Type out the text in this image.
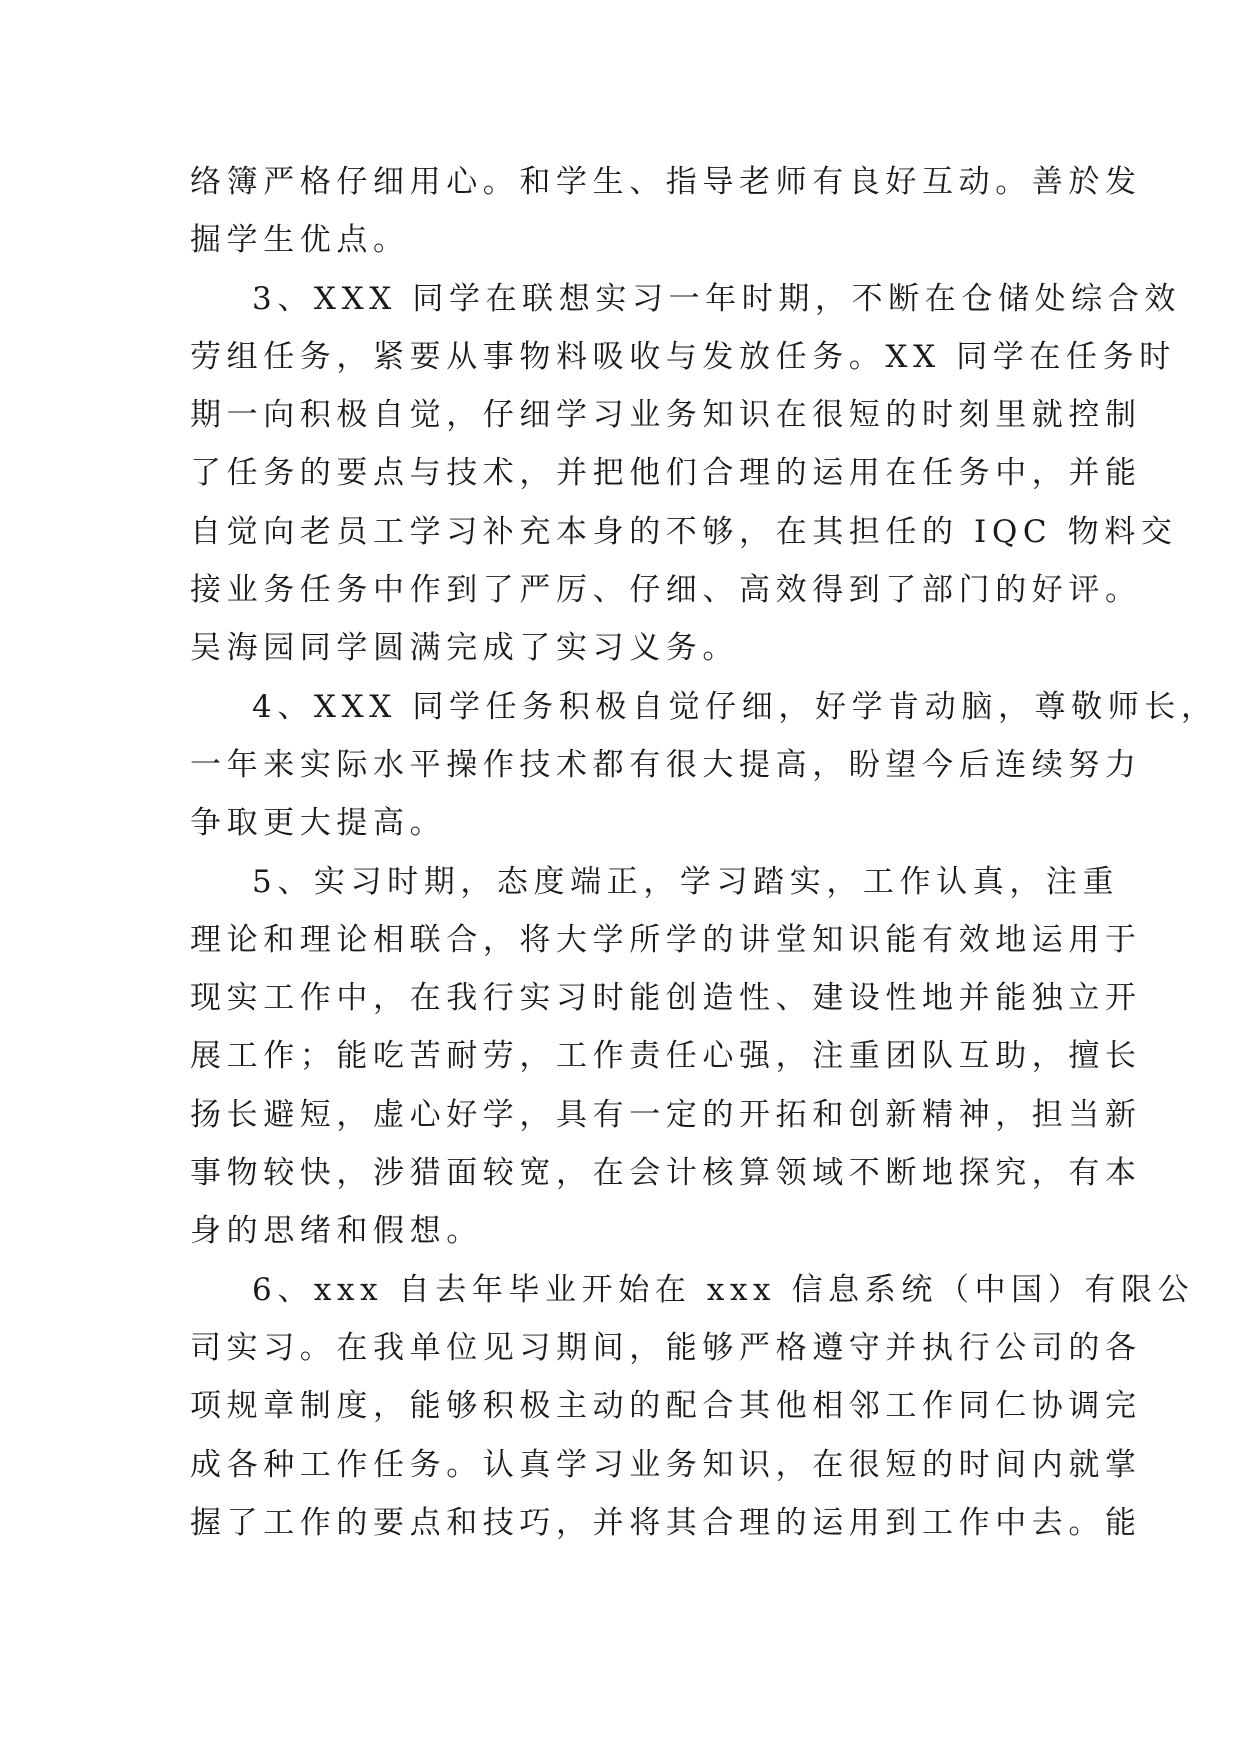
络簿严格仔细用心。和学生、指导老师有良好互动。善於发
掘学生优点。
3、XXX 同学在联想实习一年时期，不断在仓储处综合效
劳组任务，紧要从事物料吸收与发放任务。XX 同学在任务时
期一向积极自觉，仔细学习业务知识在很短的时刻里就控制
了任务的要点与技术，并把他们合理的运用在任务中，并能
自觉向老员工学习补充本身的不够，在其担任的 IQC 物料交
接业务任务中作到了严厉、仔细、高效得到了部门的好评。
吴海园同学圆满完成了实习义务。
4、XXX 同学任务积极自觉仔细，好学肯动脑，尊敬师长，
一年来实际水平操作技术都有很大提高，盼望今后连续努力
争取更大提高。
5、实习时期，态度端正，学习踏实，工作认真，注重
理论和理论相联合，将大学所学的讲堂知识能有效地运用于
现实工作中，在我行实习时能创造性、建设性地并能独立开
展工作；能吃苦耐劳，工作责任心强，注重团队互助，擅长
扬长避短，虚心好学，具有一定的开拓和创新精神，担当新
事物较快，涉猎面较宽，在会计核算领域不断地探究，有本
身的思绪和假想。
6、xxx 自去年毕业开始在 xxx 信息系统（中国）有限公
司实习。在我单位见习期间，能够严格遵守并执行公司的各
项规章制度，能够积极主动的配合其他相邻工作同仁协调完
成各种工作任务。认真学习业务知识，在很短的时间内就掌
握了工作的要点和技巧，并将其合理的运用到工作中去。能
